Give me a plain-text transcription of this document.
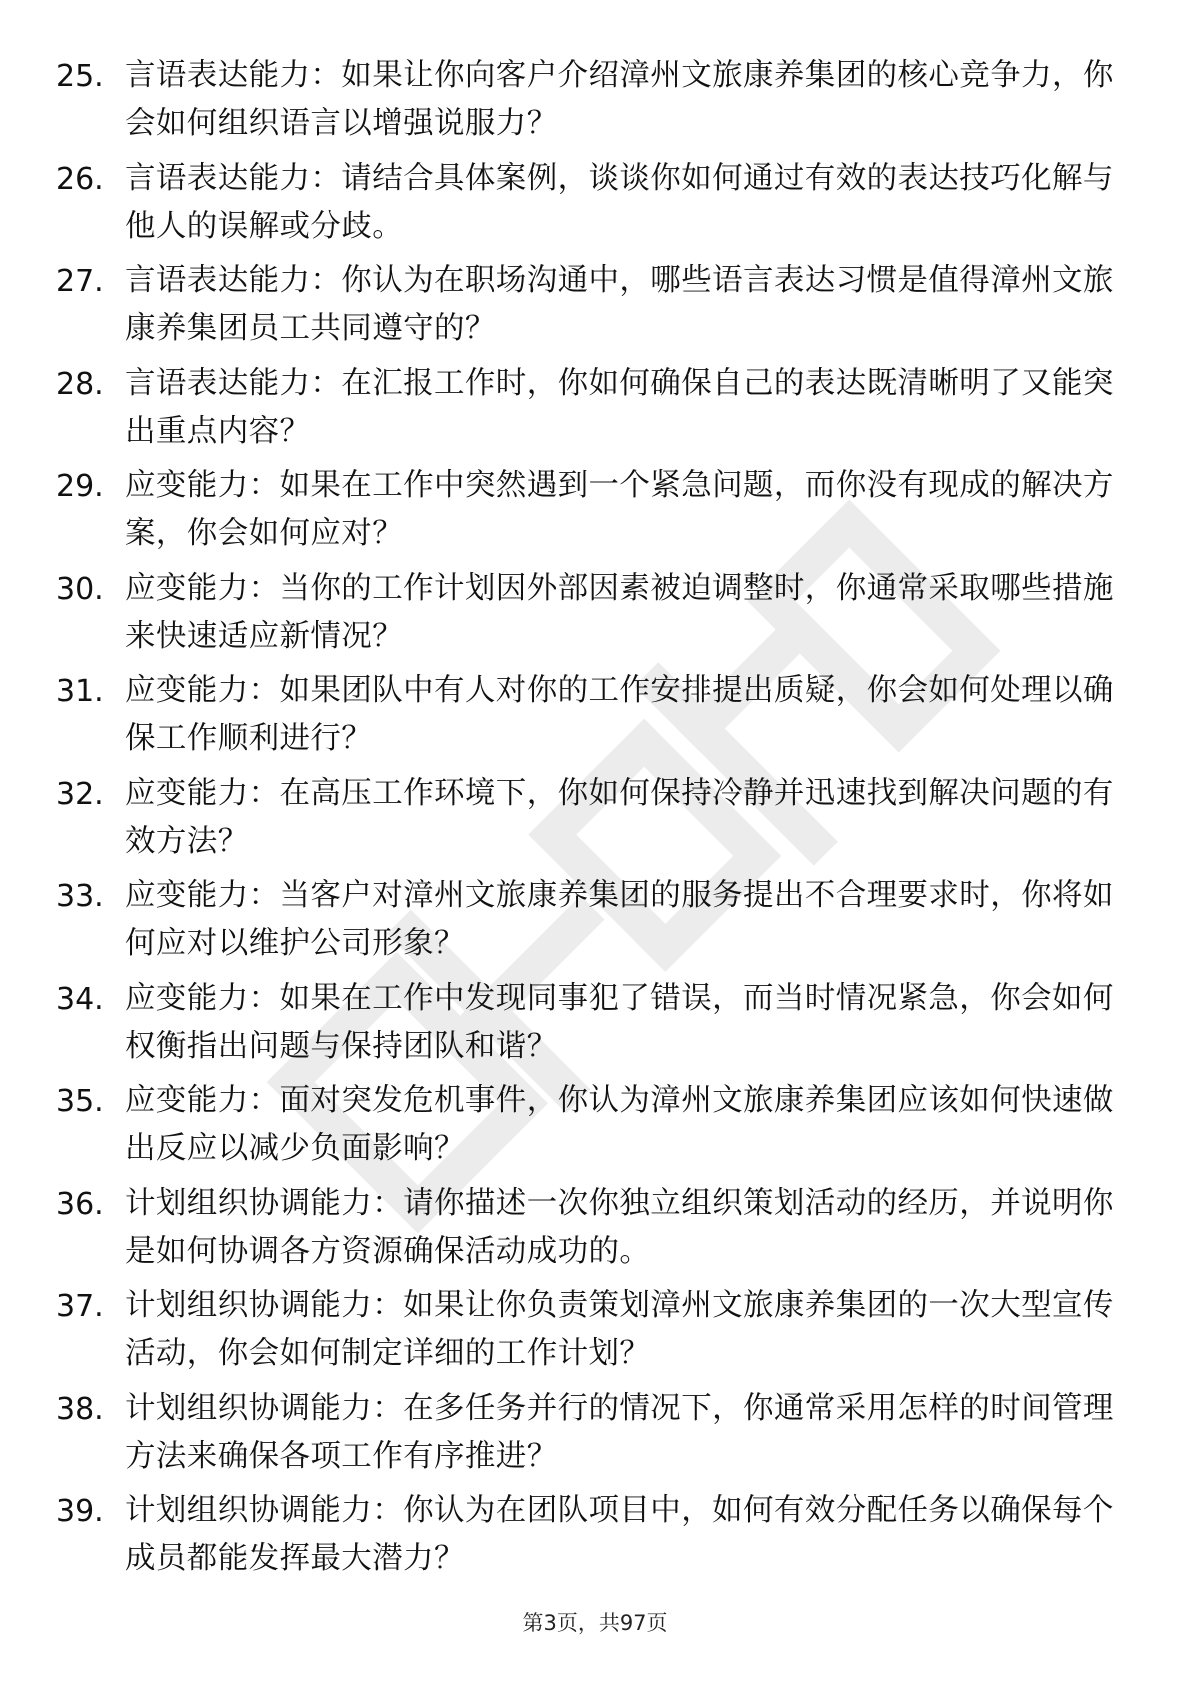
25. 言语表达能力：如果让你向客户介绍漳州文旅康养集团的核心竞争力，你会如何组织语言以增强说服力？
26. 言语表达能力：请结合具体案例，谈谈你如何通过有效的表达技巧化解与他人的误解或分歧。
27. 言语表达能力：你认为在职场沟通中，哪些语言表达习惯是值得漳州文旅康养集团员工共同遵守的？
28. 言语表达能力：在汇报工作时，你如何确保自己的表达既清晰明了又能突出重点内容？
29. 应变能力：如果在工作中突然遇到一个紧急问题，而你没有现成的解决方案，你会如何应对？
30. 应变能力：当你的工作计划因外部因素被迫调整时，你通常采取哪些措施来快速适应新情况？
31. 应变能力：如果团队中有人对你的工作安排提出质疑，你会如何处理以确保工作顺利进行？
32. 应变能力：在高压工作环境下，你如何保持冷静并迅速找到解决问题的有效方法？
33. 应变能力：当客户对漳州文旅康养集团的服务提出不合理要求时，你将如何应对以维护公司形象？
34. 应变能力：如果在工作中发现同事犯了错误，而当时情况紧急，你会如何权衡指出问题与保持团队和谐？
35. 应变能力：面对突发危机事件，你认为漳州文旅康养集团应该如何快速做出反应以减少负面影响？
36. 计划组织协调能力：请你描述一次你独立组织策划活动的经历，并说明你是如何协调各方资源确保活动成功的。
37. 计划组织协调能力：如果让你负责策划漳州文旅康养集团的一次大型宣传活动，你会如何制定详细的工作计划？
38. 计划组织协调能力：在多任务并行的情况下，你通常采用怎样的时间管理方法来确保各项工作有序推进？
39. 计划组织协调能力：你认为在团队项目中，如何有效分配任务以确保每个成员都能发挥最大潜力？
第3页，共97页
